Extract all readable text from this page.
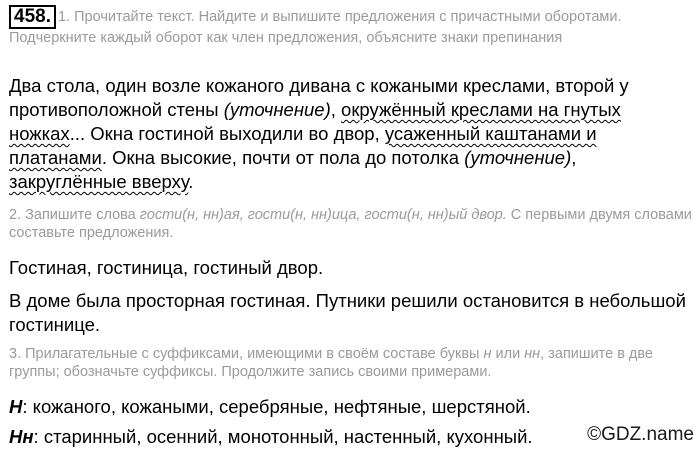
458. 1. Прочитайте текст. Найдите и выпишите предложения с причастными оборотами. Подчеркните каждый оборот как член предложения, объясните знаки препинания

Два стола, один возле кожаного дивана с кожаными креслами, второй у противоположной стены (уточнение), окружённый креслами на гнутых ножках... Окна гостиной выходили во двор, усаженный каштанами и платанами. Окна высокие, почти от пола до потолка (уточнение), закруглённые вверху.

2. Запишите слова гости(н, нн)ая, гости(н, нн)ица, гости(н, нн)ый двор. С первыми двумя словами составьте предложения.

Гостиная, гостиница, гостиный двор.

В доме была просторная гостиная. Путники решили остановится в небольшой гостинице.

3. Прилагательные с суффиксами, имеющими в своём составе буквы н или нн, запишите в две группы; обозначьте суффиксы. Продолжите запись своими примерами.

Н: кожаного, кожаными, серебряные, нефтяные, шерстяной.

Нн: старинный, осенний, монотонный, настенный, кухонный.	©GDZ.name
